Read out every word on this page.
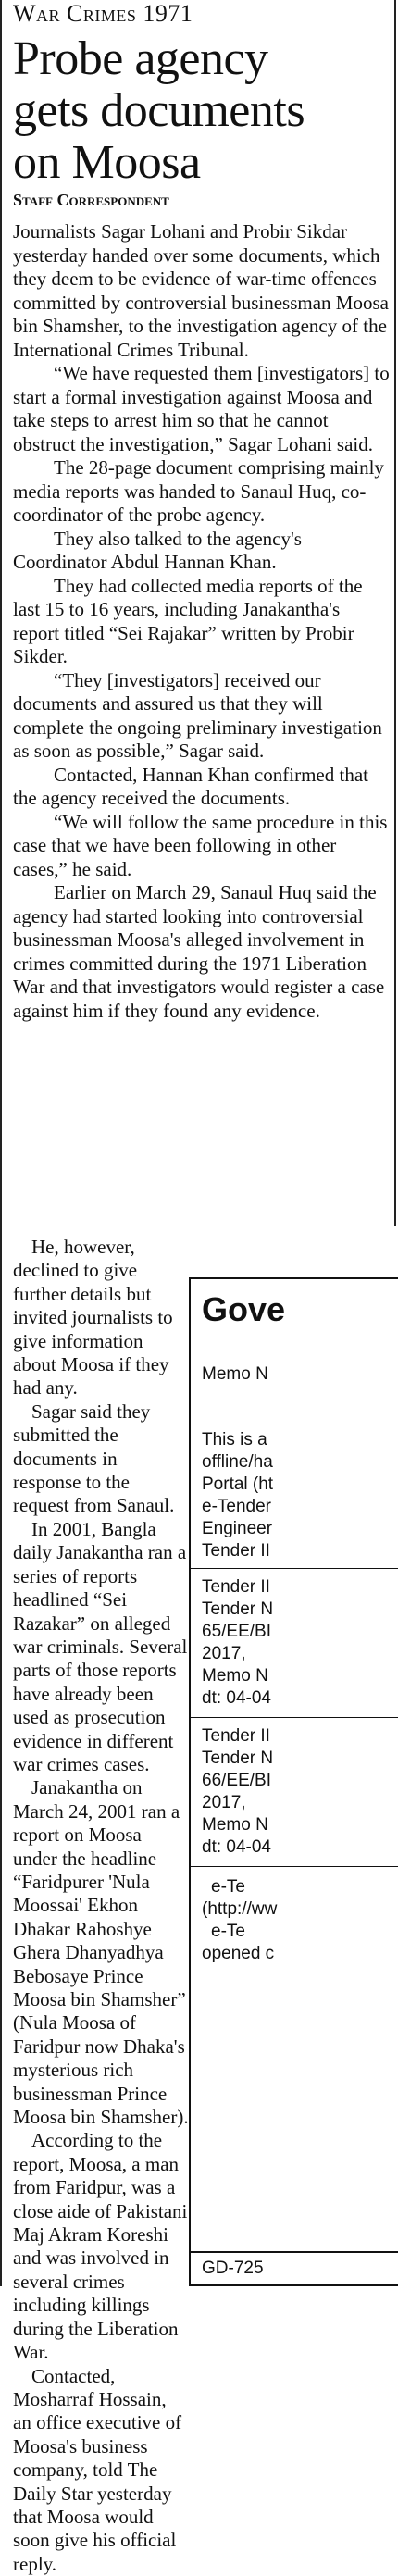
War Crimes 1971
Probe agency
gets documents
on Moosa
Staff Correspondent

Journalists Sagar Lohani and Probir Sikdar yesterday handed over some documents, which they deem to be evidence of war-time offences committed by controversial businessman Moosa bin Shamsher, to the investigation agency of the International Crimes Tribunal.

“We have requested them [investigators] to start a formal investigation against Moosa and take steps to arrest him so that he cannot obstruct the investigation,” Sagar Lohani said.

The 28-page document comprising mainly media reports was handed to Sanaul Huq, co-coordinator of the probe agency.

They also talked to the agency's Coordinator Abdul Hannan Khan.

They had collected media reports of the last 15 to 16 years, including Janakantha's report titled “Sei Rajakar” written by Probir Sikder.

“They [investigators] received our documents and assured us that they will complete the ongoing preliminary investigation as soon as possible,” Sagar said.

Contacted, Hannan Khan confirmed that the agency received the documents.

“We will follow the same procedure in this case that we have been following in other cases,” he said.

Earlier on March 29, Sanaul Huq said the agency had started looking into controversial businessman Moosa's alleged involvement in crimes committed during the 1971 Liberation War and that investigators would register a case against him if they found any evidence.

He, however, declined to give further details but invited journalists to give information about Moosa if they had any.

Sagar said they submitted the documents in response to the request from Sanaul.

In 2001, Bangla daily Janakantha ran a series of reports headlined “Sei Razakar” on alleged war criminals. Several parts of those reports have already been used as prosecution evidence in different war crimes cases.

Janakantha on March 24, 2001 ran a report on Moosa under the headline “Faridpurer 'Nula Moossai' Ekhon Dhakar Rahoshye Ghera Dhanyadhya Bebosaye Prince Moosa bin Shamsher” (Nula Moosa of Faridpur now Dhaka's mysterious rich businessman Prince Moosa bin Shamsher).

According to the report, Moosa, a man from Faridpur, was a close aide of Pakistani Maj Akram Koreshi and was involved in several crimes including killings during the Liberation War.

Contacted, Mosharraf Hossain, an office executive of Moosa's business company, told The Daily Star yesterday that Moosa would soon give his official reply.

Gove
Memo N
This is a
offline/ha
Portal (ht
e-Tender
Engineer
Tender II
Tender II
Tender N
65/EE/BI
2017,
Memo N
dt: 04-04
Tender II
Tender N
66/EE/BI
2017,
Memo N
dt: 04-04
e-Te
(http://ww
e-Te
opened c
GD-725
